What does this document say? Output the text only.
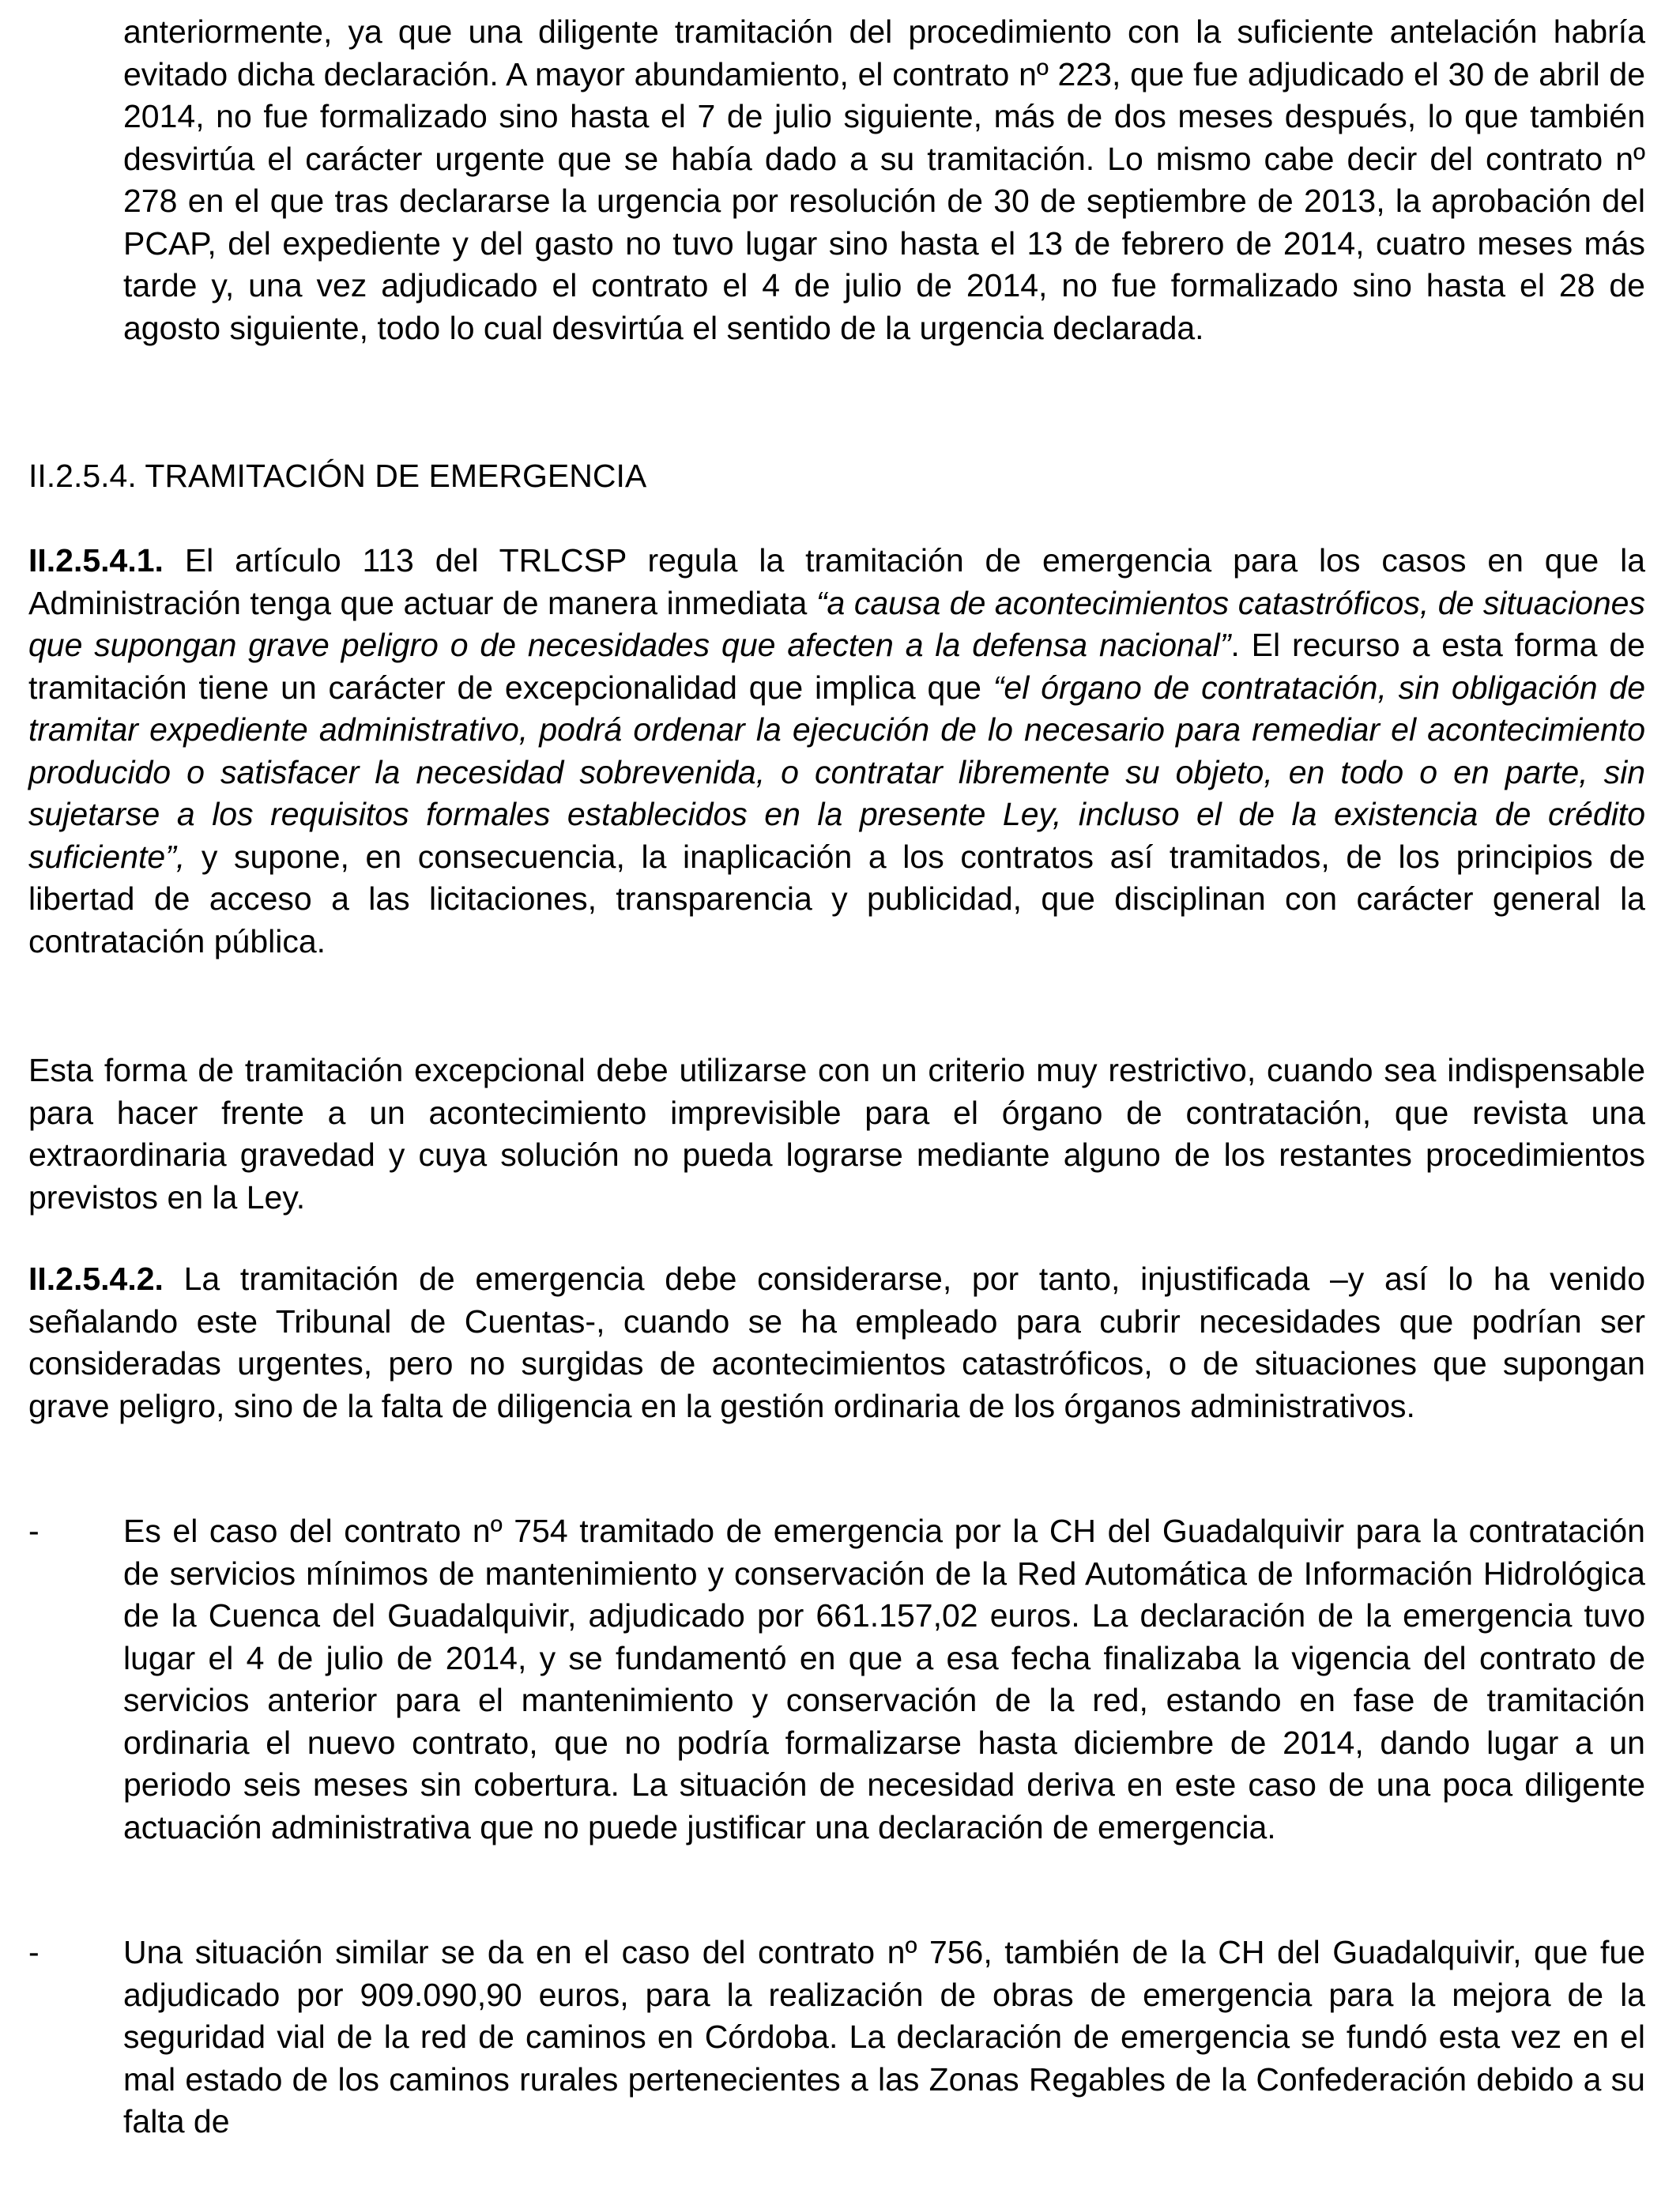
anteriormente, ya que una diligente tramitación del procedimiento con la suficiente antelación habría evitado dicha declaración. A mayor abundamiento, el contrato nº 223, que fue adjudicado el 30 de abril de 2014, no fue formalizado sino hasta el 7 de julio siguiente, más de dos meses después, lo que también desvirtúa el carácter urgente que se había dado a su tramitación. Lo mismo cabe decir del contrato nº 278 en el que tras declararse la urgencia por resolución de 30 de septiembre de 2013, la aprobación del PCAP, del expediente y del gasto no tuvo lugar sino hasta el 13 de febrero de 2014, cuatro meses más tarde y, una vez adjudicado el contrato el 4 de julio de 2014, no fue formalizado sino hasta el 28 de agosto siguiente, todo lo cual desvirtúa el sentido de la urgencia declarada.

II.2.5.4. TRAMITACIÓN DE EMERGENCIA

II.2.5.4.1. El artículo 113 del TRLCSP regula la tramitación de emergencia para los casos en que la Administración tenga que actuar de manera inmediata “a causa de acontecimientos catastróficos, de situaciones que supongan grave peligro o de necesidades que afecten a la defensa nacional”. El recurso a esta forma de tramitación tiene un carácter de excepcionalidad que implica que “el órgano de contratación, sin obligación de tramitar expediente administrativo, podrá ordenar la ejecución de lo necesario para remediar el acontecimiento producido o satisfacer la necesidad sobrevenida, o contratar libremente su objeto, en todo o en parte, sin sujetarse a los requisitos formales establecidos en la presente Ley, incluso el de la existencia de crédito suficiente”, y supone, en consecuencia, la inaplicación a los contratos así tramitados, de los principios de libertad de acceso a las licitaciones, transparencia y publicidad, que disciplinan con carácter general la contratación pública.

Esta forma de tramitación excepcional debe utilizarse con un criterio muy restrictivo, cuando sea indispensable para hacer frente a un acontecimiento imprevisible para el órgano de contratación, que revista una extraordinaria gravedad y cuya solución no pueda lograrse mediante alguno de los restantes procedimientos previstos en la Ley.

II.2.5.4.2. La tramitación de emergencia debe considerarse, por tanto, injustificada –y así lo ha venido señalando este Tribunal de Cuentas-, cuando se ha empleado para cubrir necesidades que podrían ser consideradas urgentes, pero no surgidas de acontecimientos catastróficos, o de situaciones que supongan grave peligro, sino de la falta de diligencia en la gestión ordinaria de los órganos administrativos.

-	Es el caso del contrato nº 754 tramitado de emergencia por la CH del Guadalquivir para la contratación de servicios mínimos de mantenimiento y conservación de la Red Automática de Información Hidrológica de la Cuenca del Guadalquivir, adjudicado por 661.157,02 euros. La declaración de la emergencia tuvo lugar el 4 de julio de 2014, y se fundamentó en que a esa fecha finalizaba la vigencia del contrato de servicios anterior para el mantenimiento y conservación de la red, estando en fase de tramitación ordinaria el nuevo contrato, que no podría formalizarse hasta diciembre de 2014, dando lugar a un periodo seis meses sin cobertura. La situación de necesidad deriva en este caso de una poca diligente actuación administrativa que no puede justificar una declaración de emergencia.

-	Una situación similar se da en el caso del contrato nº 756, también de la CH del Guadalquivir, que fue adjudicado por 909.090,90 euros, para la realización de obras de emergencia para la mejora de la seguridad vial de la red de caminos en Córdoba. La declaración de emergencia se fundó esta vez en el mal estado de los caminos rurales pertenecientes a las Zonas Regables de la Confederación debido a su falta de
